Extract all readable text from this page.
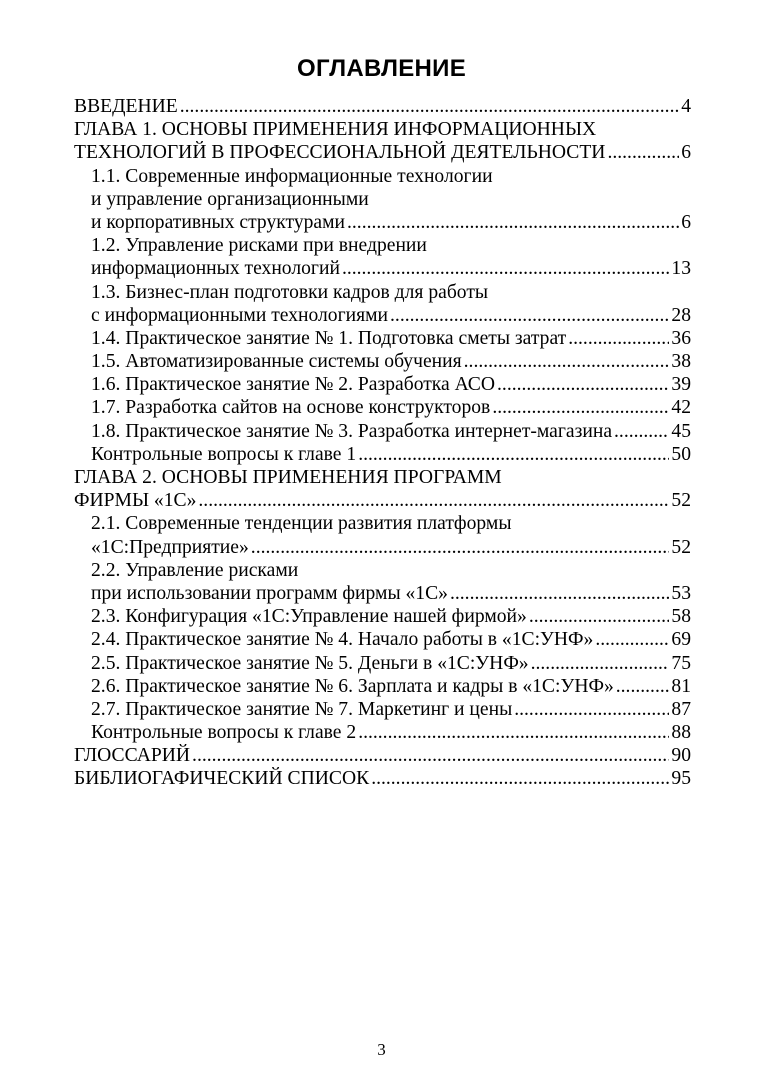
ОГЛАВЛЕНИЕ
ВВЕДЕНИЕ .....	4
ГЛАВА 1. ОСНОВЫ ПРИМЕНЕНИЯ ИНФОРМАЦИОННЫХ
ТЕХНОЛОГИЙ В ПРОФЕССИОНАЛЬНОЙ ДЕЯТЕЛЬНОСТИ .....	6
1.1. Современные информационные технологии
и управление организационными
и корпоративных структурами .....	6
1.2. Управление рисками при внедрении
информационных технологий .....	13
1.3. Бизнес-план подготовки кадров для работы
с информационными технологиями .....	28
1.4. Практическое занятие № 1. Подготовка сметы затрат .....	36
1.5. Автоматизированные системы обучения .....	38
1.6. Практическое занятие № 2. Разработка АСО .....	39
1.7. Разработка сайтов на основе конструкторов .....	42
1.8. Практическое занятие № 3. Разработка интернет-магазина .....	45
Контрольные вопросы к главе 1 .....	50
ГЛАВА 2. ОСНОВЫ ПРИМЕНЕНИЯ ПРОГРАММ
ФИРМЫ «1С» .....	52
2.1. Современные тенденции развития платформы
«1С:Предприятие» .....	52
2.2. Управление рисками
при использовании программ фирмы «1С» .....	53
2.3. Конфигурация «1С:Управление нашей фирмой» .....	58
2.4. Практическое занятие № 4. Начало работы в «1С:УНФ» .....	69
2.5. Практическое занятие № 5. Деньги в «1С:УНФ» .....	75
2.6. Практическое занятие № 6. Зарплата и кадры в «1С:УНФ» .....	81
2.7. Практическое занятие № 7. Маркетинг и цены .....	87
Контрольные вопросы к главе 2 .....	88
ГЛОССАРИЙ .....	90
БИБЛИОГАФИЧЕСКИЙ СПИСОК .....	95
3
